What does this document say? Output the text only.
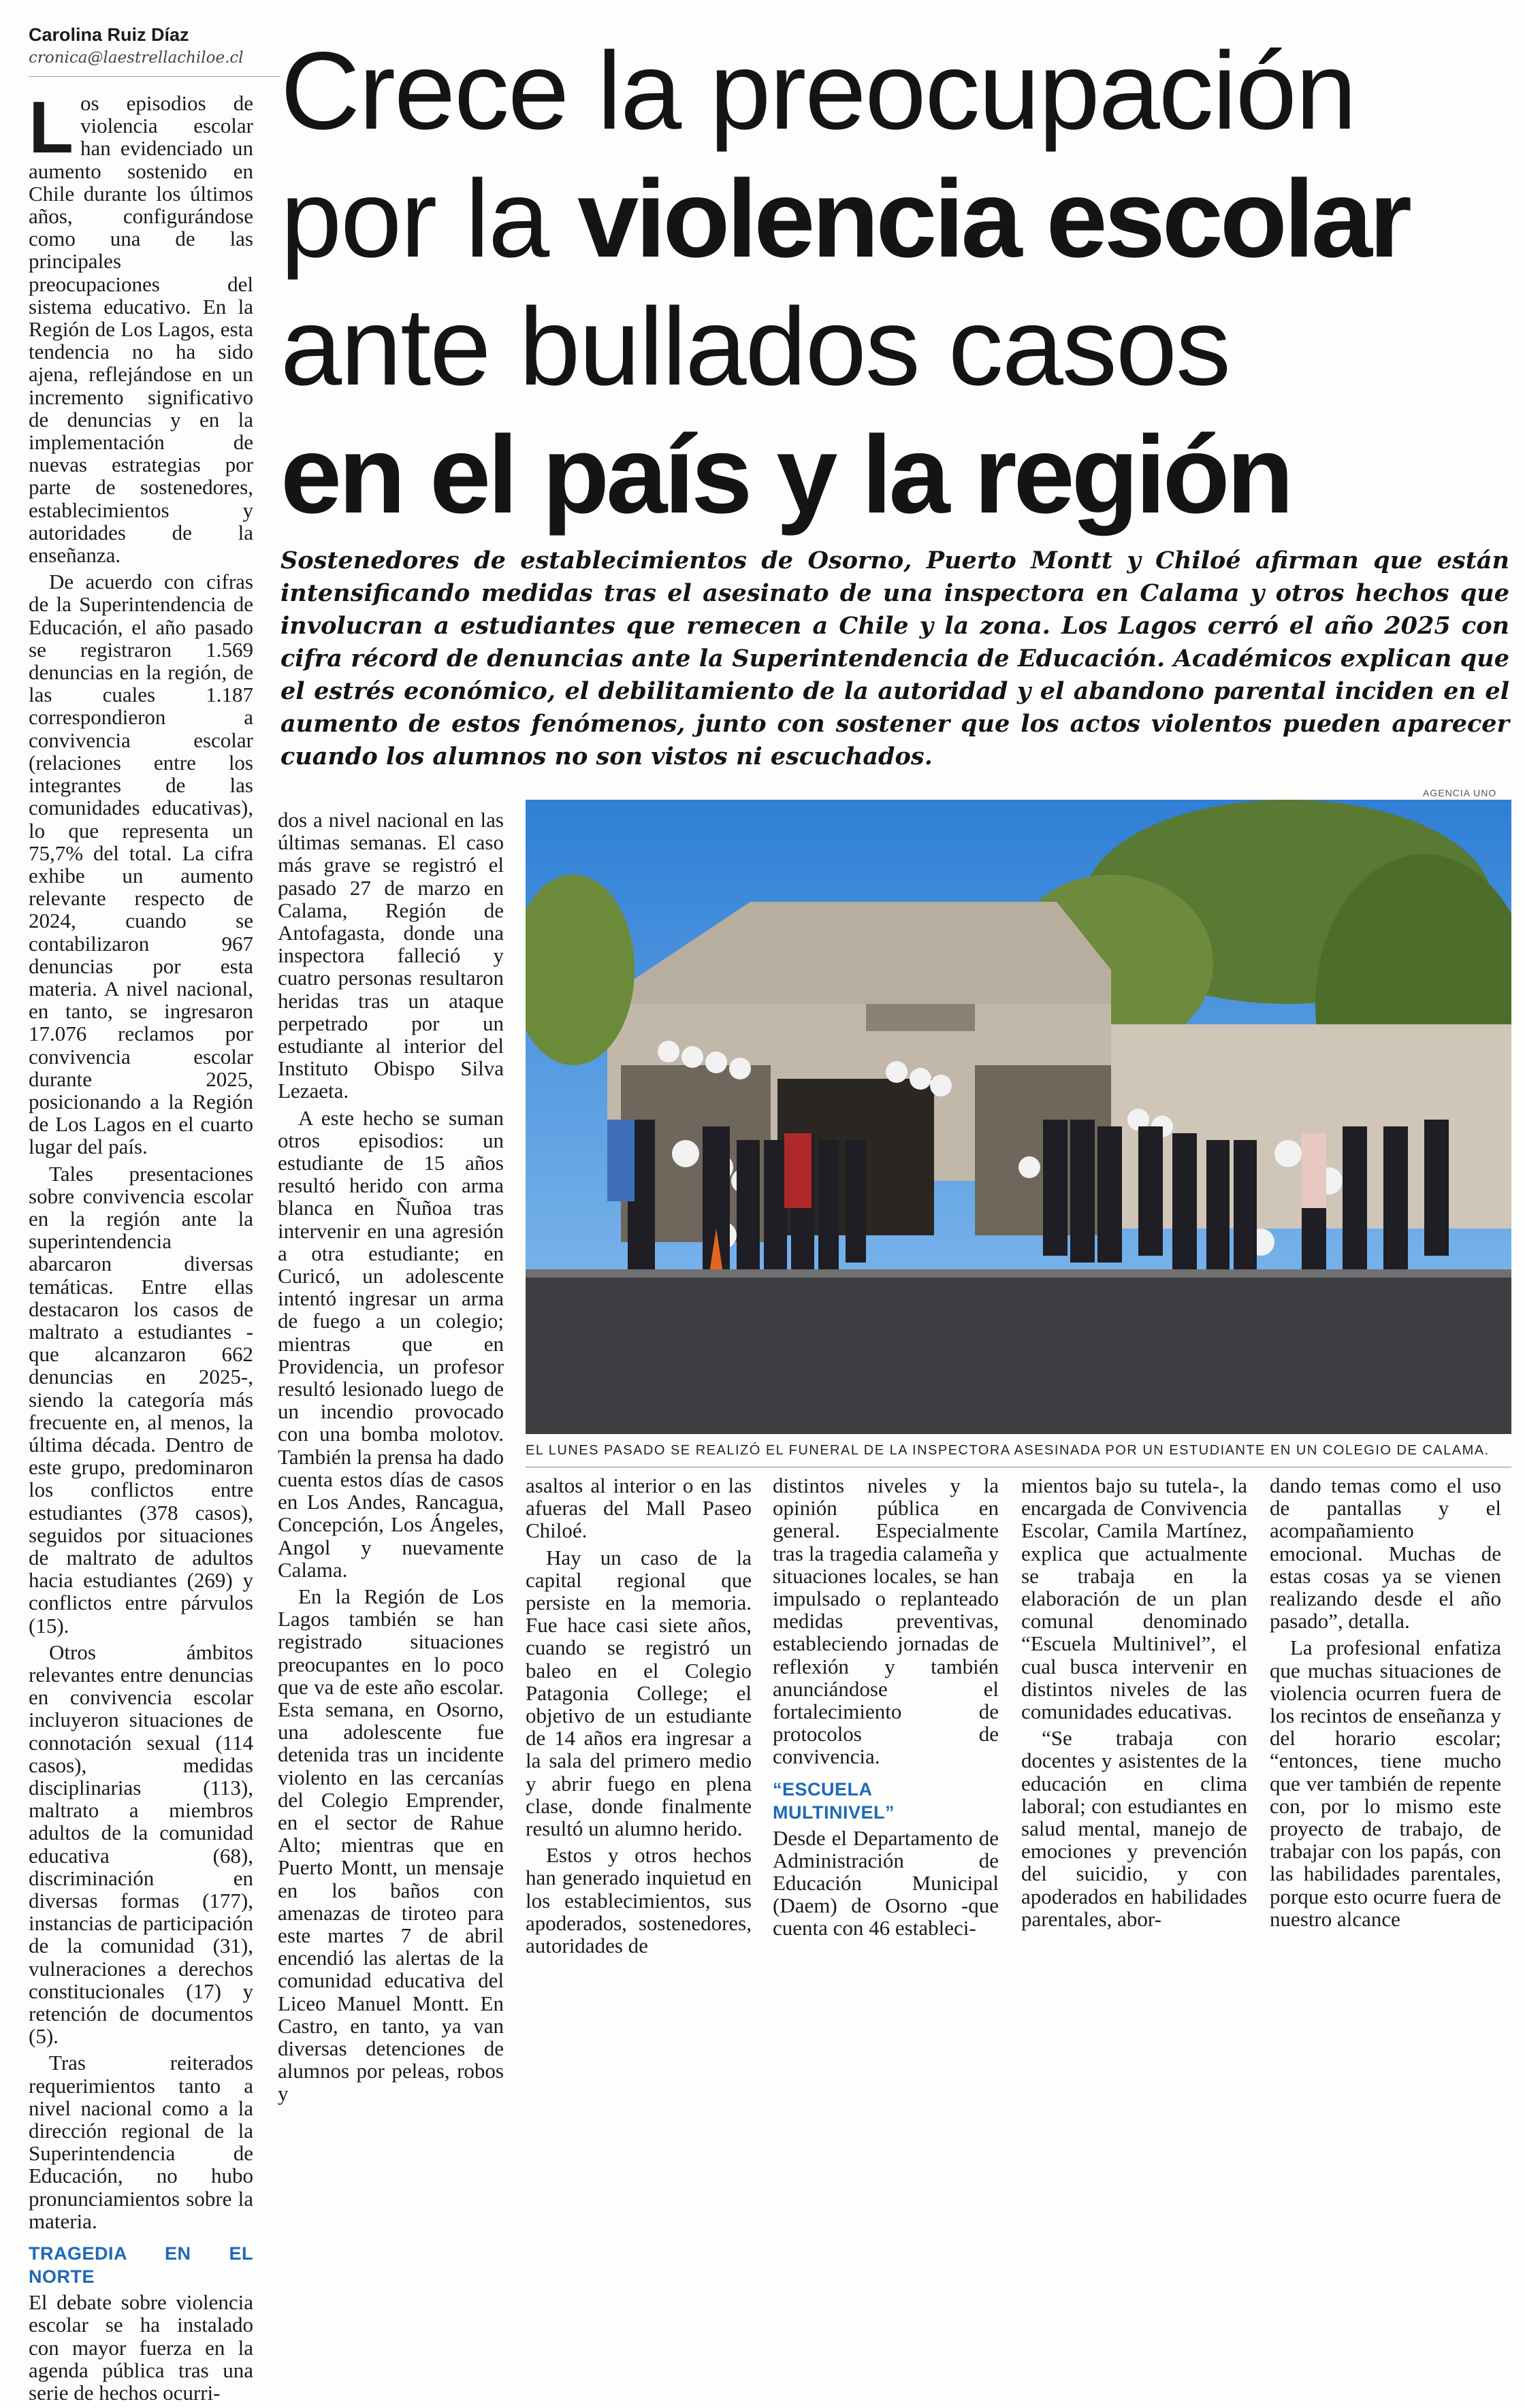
Carolina Ruiz Díaz
cronica@laestrellachiloe.cl Crece la preocupación
por la violencia escolar
ante bullados casos
en el país y la región
Sostenedores de establecimientos de Osorno, Puerto Montt y Chiloé afirman que están intensificando medidas tras el asesinato de una inspectora en Calama y otros hechos que involucran a estudiantes que remecen a Chile y la zona. Los Lagos cerró el año 2025 con cifra récord de denuncias ante la Superintendencia de Educación. Académicos explican que el estrés económico, el debilitamiento de la autoridad y el abandono parental inciden en el aumento de estos fenómenos, junto con sostener que los actos violentos pueden aparecer cuando los alumnos no son vistos ni escuchados.

Los episodios de violencia escolar han evidenciado un aumento sostenido en Chile durante los últimos años, configurándose como una de las principales preocupaciones del sistema educativo. En la Región de Los Lagos, esta tendencia no ha sido ajena, reflejándose en un incremento significativo de denuncias y en la implementación de nuevas estrategias por parte de sostenedores, establecimientos y autoridades de la enseñanza.

De acuerdo con cifras de la Superintendencia de Educación, el año pasado se registraron 1.569 denuncias en la región, de las cuales 1.187 correspondieron a convivencia escolar (relaciones entre los integrantes de las comunidades educativas), lo que representa un 75,7% del total. La cifra exhibe un aumento relevante respecto de 2024, cuando se contabilizaron 967 denuncias por esta materia. A nivel nacional, en tanto, se ingresaron 17.076 reclamos por convivencia escolar durante 2025, posicionando a la Región de Los Lagos en el cuarto lugar del país.

Tales presentaciones sobre convivencia escolar en la región ante la superintendencia abarcaron diversas temáticas. Entre ellas destacaron los casos de maltrato a estudiantes -que alcanzaron 662 denuncias en 2025-, siendo la categoría más frecuente en, al menos, la última década. Dentro de este grupo, predominaron los conflictos entre estudiantes (378 casos), seguidos por situaciones de maltrato de adultos hacia estudiantes (269) y conflictos entre párvulos (15).

Otros ámbitos relevantes entre denuncias en convivencia escolar incluyeron situaciones de connotación sexual (114 casos), medidas disciplinarias (113), maltrato a miembros adultos de la comunidad educativa (68), discriminación en diversas formas (177), instancias de participación de la comunidad (31), vulneraciones a derechos constitucionales (17) y retención de documentos (5).

Tras reiterados requerimientos tanto a nivel nacional como a la dirección regional de la Superintendencia de Educación, no hubo pronunciamientos sobre la materia.

TRAGEDIA EN EL NORTE

El debate sobre violencia escolar se ha instalado con mayor fuerza en la agenda pública tras una serie de hechos ocurri-

dos a nivel nacional en las últimas semanas. El caso más grave se registró el pasado 27 de marzo en Calama, Región de Antofagasta, donde una inspectora falleció y cuatro personas resultaron heridas tras un ataque perpetrado por un estudiante al interior del Instituto Obispo Silva Lezaeta.

A este hecho se suman otros episodios: un estudiante de 15 años resultó herido con arma blanca en Ñuñoa tras intervenir en una agresión a otra estudiante; en Curicó, un adolescente intentó ingresar un arma de fuego a un colegio; mientras que en Providencia, un profesor resultó lesionado luego de un incendio provocado con una bomba molotov. También la prensa ha dado cuenta estos días de casos en Los Andes, Rancagua, Concepción, Los Ángeles, Angol y nuevamente Calama.

En la Región de Los Lagos también se han registrado situaciones preocupantes en lo poco que va de este año escolar. Esta semana, en Osorno, una adolescente fue detenida tras un incidente violento en las cercanías del Colegio Emprender, en el sector de Rahue Alto; mientras que en Puerto Montt, un mensaje en los baños con amenazas de tiroteo para este martes 7 de abril encendió las alertas de la comunidad educativa del Liceo Manuel Montt. En Castro, en tanto, ya van diversas detenciones de alumnos por peleas, robos y

AGENCIA UNO
EL LUNES PASADO SE REALIZÓ EL FUNERAL DE LA INSPECTORA ASESINADA POR UN ESTUDIANTE EN UN COLEGIO DE CALAMA.

asaltos al interior o en las afueras del Mall Paseo Chiloé.

Hay un caso de la capital regional que persiste en la memoria. Fue hace casi siete años, cuando se registró un baleo en el Colegio Patagonia College; el objetivo de un estudiante de 14 años era ingresar a la sala del primero medio y abrir fuego en plena clase, donde finalmente resultó un alumno herido.

Estos y otros hechos han generado inquietud en los establecimientos, sus apoderados, sostenedores, autoridades de

distintos niveles y la opinión pública en general. Especialmente tras la tragedia calameña y situaciones locales, se han impulsado o replanteado medidas preventivas, estableciendo jornadas de reflexión y también anunciándose el fortalecimiento de protocolos de convivencia.

“ESCUELA MULTINIVEL”

Desde el Departamento de Administración de Educación Municipal (Daem) de Osorno -que cuenta con 46 estableci-

mientos bajo su tutela-, la encargada de Convivencia Escolar, Camila Martínez, explica que actualmente se trabaja en la elaboración de un plan comunal denominado “Escuela Multinivel”, el cual busca intervenir en distintos niveles de las comunidades educativas.

“Se trabaja con docentes y asistentes de la educación en clima laboral; con estudiantes en salud mental, manejo de emociones y prevención del suicidio, y con apoderados en habilidades parentales, abor-

dando temas como el uso de pantallas y el acompañamiento emocional. Muchas de estas cosas ya se vienen realizando desde el año pasado”, detalla.

La profesional enfatiza que muchas situaciones de violencia ocurren fuera de los recintos de enseñanza y del horario escolar; “entonces, tiene mucho que ver también de repente con, por lo mismo este proyecto de trabajo, de trabajar con los papás, con las habilidades parentales, porque esto ocurre fuera de nuestro alcance
